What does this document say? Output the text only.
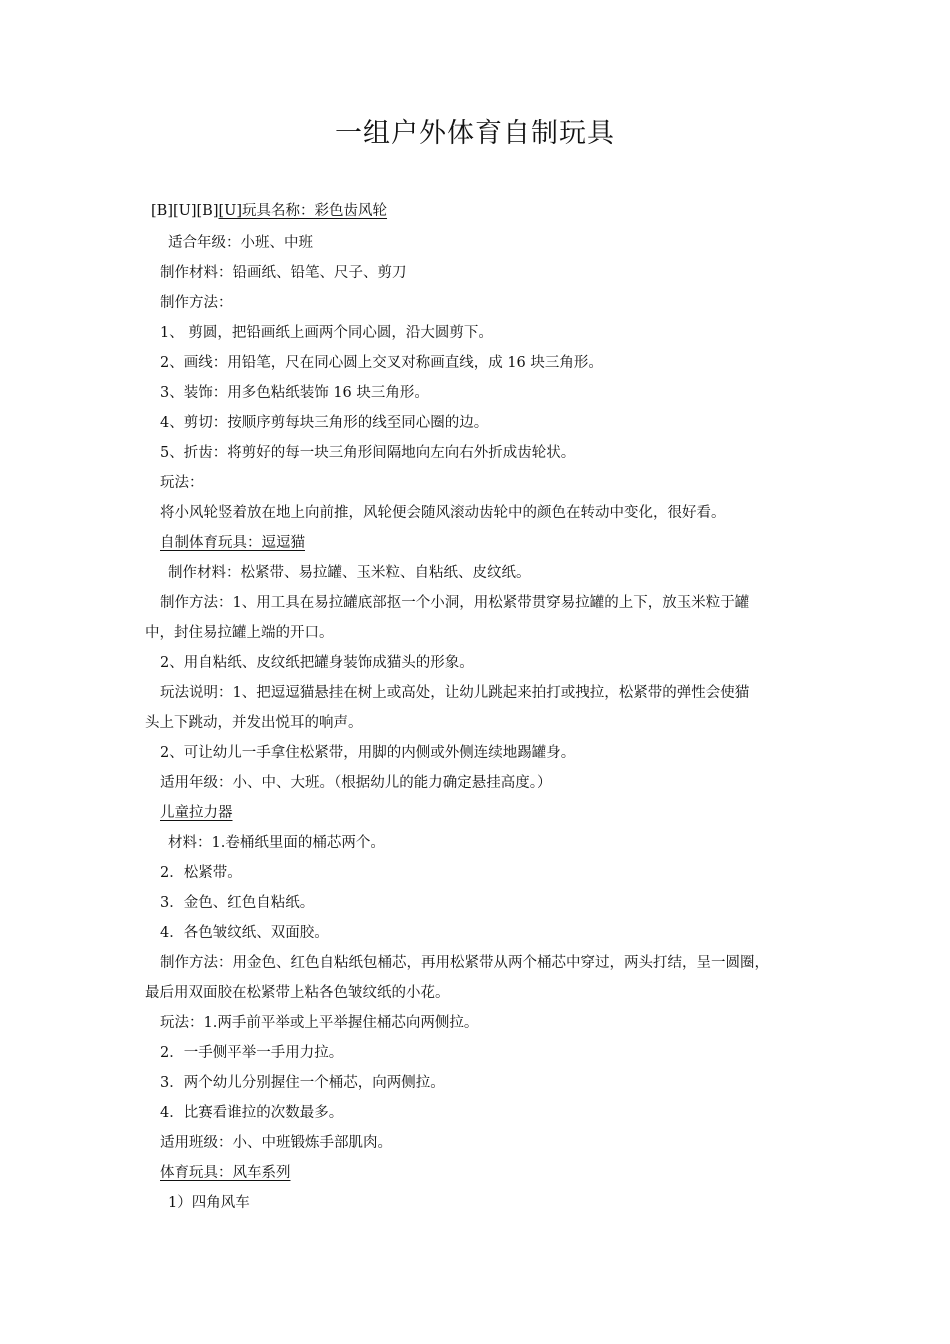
一组户外体育自制玩具
[B][U][B][U]玩具名称：彩色齿风轮
适合年级：小班、中班
制作材料：铅画纸、铅笔、尺子、剪刀
制作方法：
1、 剪圆，把铅画纸上画两个同心圆，沿大圆剪下。
2、画线：用铅笔，尺在同心圆上交叉对称画直线，成 16 块三角形。
3、装饰：用多色粘纸装饰 16 块三角形。
4、剪切：按顺序剪每块三角形的线至同心圈的边。
5、折齿：将剪好的每一块三角形间隔地向左向右外折成齿轮状。
玩法：
将小风轮竖着放在地上向前推，风轮便会随风滚动齿轮中的颜色在转动中变化，很好看。
自制体育玩具：逗逗猫
制作材料：松紧带、易拉罐、玉米粒、自粘纸、皮纹纸。
制作方法：1、用工具在易拉罐底部抠一个小洞，用松紧带贯穿易拉罐的上下，放玉米粒于罐
中，封住易拉罐上端的开口。
2、用自粘纸、皮纹纸把罐身装饰成猫头的形象。
玩法说明：1、把逗逗猫悬挂在树上或高处，让幼儿跳起来拍打或拽拉，松紧带的弹性会使猫
头上下跳动，并发出悦耳的响声。
2、可让幼儿一手拿住松紧带，用脚的内侧或外侧连续地踢罐身。
适用年级：小、中、大班。（根据幼儿的能力确定悬挂高度。）
儿童拉力器
材料：1.卷桶纸里面的桶芯两个。
2．松紧带。
3．金色、红色自粘纸。
4．各色皱纹纸、双面胶。
制作方法：用金色、红色自粘纸包桶芯，再用松紧带从两个桶芯中穿过，两头打结，呈一圆圈，
最后用双面胶在松紧带上粘各色皱纹纸的小花。
玩法：1.两手前平举或上平举握住桶芯向两侧拉。
2．一手侧平举一手用力拉。
3．两个幼儿分别握住一个桶芯，向两侧拉。
4．比赛看谁拉的次数最多。
适用班级：小、中班锻炼手部肌肉。
体育玩具：风车系列
1）四角风车
